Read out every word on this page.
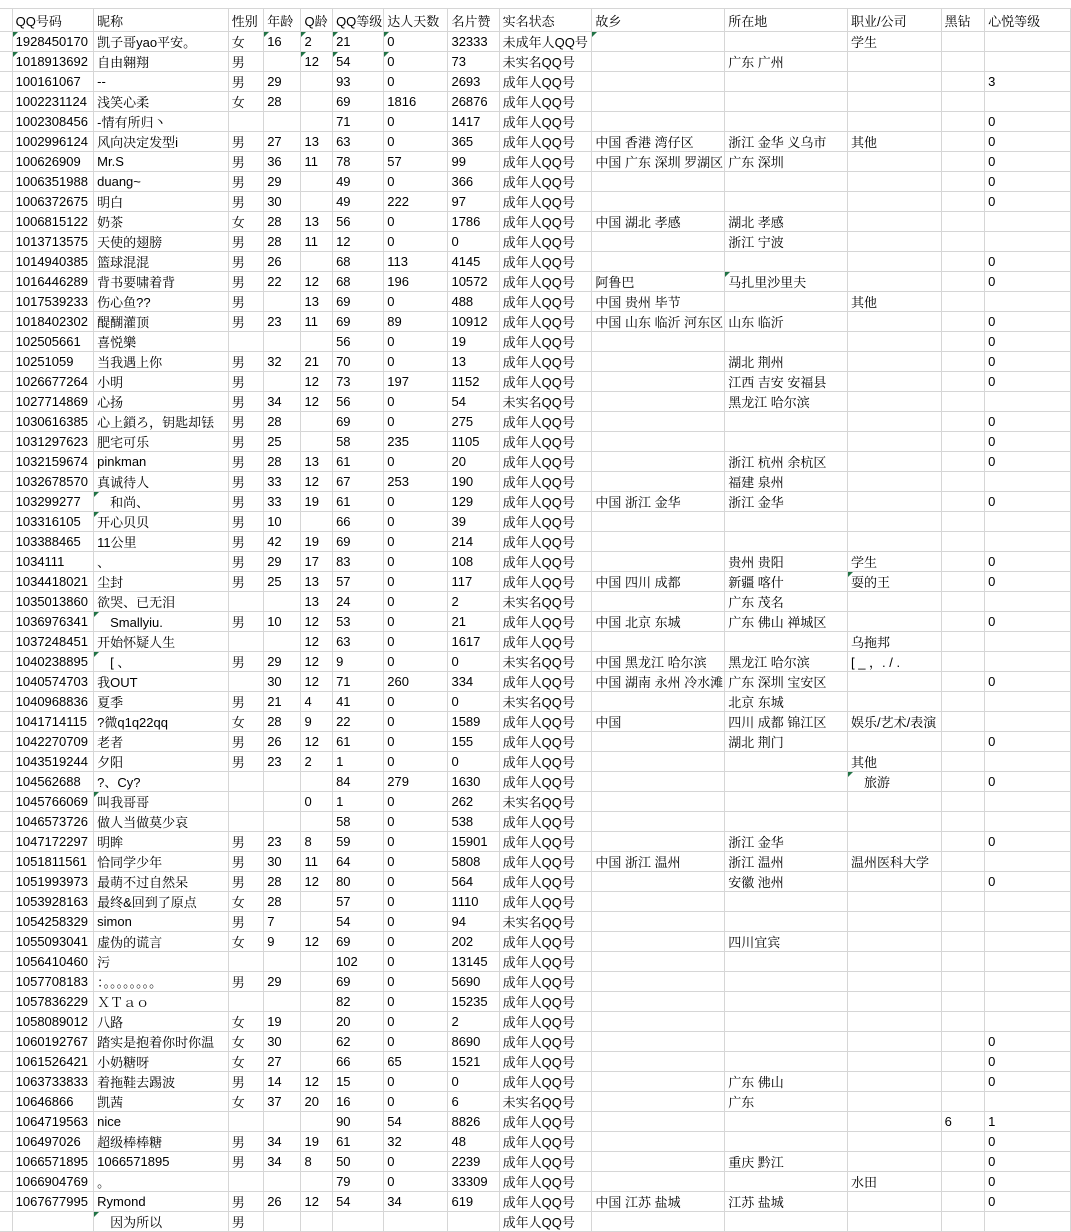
	QQ号码	昵称	性别	年龄	Q龄	QQ等级	达人天数	名片赞	实名状态	故乡	所在地	职业/公司	黑钻	心悦等级
	1928450170	凯子哥yao平安。	女	16	2	21	0	32333	未成年人QQ号			学生		
	1018913692	自由翱翔	男		12	54	0	73	未实名QQ号		广东 广州			
	100161067	--	男	29		93	0	2693	成年人QQ号					3
	1002231124	浅笑心柔	女	28		69	1816	26876	成年人QQ号					
	1002308456	-情有所归丶				71	0	1417	成年人QQ号					0
	1002996124	风向决定发型i	男	27	13	63	0	365	成年人QQ号	中国 香港 湾仔区	浙江 金华 义乌市	其他		0
	100626909	Mr.S	男	36	11	78	57	99	成年人QQ号	中国 广东 深圳 罗湖区	广东 深圳			0
	1006351988	duang~	男	29		49	0	366	成年人QQ号					0
	1006372675	明白	男	30		49	222	97	成年人QQ号					0
	1006815122	奶茶	女	28	13	56	0	1786	成年人QQ号	中国 湖北 孝感	湖北 孝感			
	1013713575	天使的翅膀	男	28	11	12	0	0	成年人QQ号		浙江 宁波			
	1014940385	篮球混混	男	26		68	113	4145	成年人QQ号					0
	1016446289	背书要啸着背	男	22	12	68	196	10572	成年人QQ号	阿鲁巴	马扎里沙里夫			0
	1017539233	伤心鱼??	男		13	69	0	488	成年人QQ号	中国 贵州 毕节		其他		
	1018402302	醍醐灌顶	男	23	11	69	89	10912	成年人QQ号	中国 山东 临沂 河东区	山东 临沂			0
	102505661	喜悦樂				56	0	19	成年人QQ号					0
	10251059	当我遇上你	男	32	21	70	0	13	成年人QQ号		湖北 荆州			0
	1026677264	小明	男		12	73	197	1152	成年人QQ号		江西 吉安 安福县			0
	1027714869	心扬	男	34	12	56	0	54	未实名QQ号		黑龙江 哈尔滨			
	1030616385	心上鎖ろ，钥匙却铥	男	28		69	0	275	成年人QQ号					0
	1031297623	肥宅可乐	男	25		58	235	1105	成年人QQ号					0
	1032159674	pinkman	男	28	13	61	0	20	成年人QQ号		浙江 杭州 余杭区			0
	1032678570	真诚待人	男	33	12	67	253	190	成年人QQ号		福建 泉州			
	103299277	　和尚、	男	33	19	61	0	129	成年人QQ号	中国 浙江 金华	浙江 金华			0
	103316105	开心贝贝	男	10		66	0	39	成年人QQ号					
	103388465	11公里	男	42	19	69	0	214	成年人QQ号					
	1034111	、	男	29	17	83	0	108	成年人QQ号		贵州 贵阳	学生		0
	1034418021	尘封	男	25	13	57	0	117	成年人QQ号	中国 四川 成都	新疆 喀什	耍的王		0
	1035013860	欲哭、已无泪			13	24	0	2	未实名QQ号		广东 茂名			
	1036976341	　Smallyiu.	男	10	12	53	0	21	成年人QQ号	中国 北京 东城	广东 佛山 禅城区			0
	1037248451	开始怀疑人生			12	63	0	1617	成年人QQ号			乌拖邦		
	1040238895	　[ 、	男	29	12	9	0	0	未实名QQ号	中国 黑龙江 哈尔滨	黑龙江 哈尔滨	[ _ ，. / .		
	1040574703	我OUT		30	12	71	260	334	成年人QQ号	中国 湖南 永州 冷水滩	广东 深圳 宝安区			0
	1040968836	夏季	男	21	4	41	0	0	未实名QQ号		北京 东城			
	1041714115	?微q1q22qq	女	28	9	22	0	1589	成年人QQ号	中国	四川 成都 锦江区	娱乐/艺术/表演		
	1042270709	老者	男	26	12	61	0	155	成年人QQ号		湖北 荆门			0
	1043519244	夕阳	男	23	2	1	0	0	成年人QQ号			其他		
	104562688	?、Cy?				84	279	1630	成年人QQ号			　旅游		0
	1045766069	叫我哥哥			0	1	0	262	未实名QQ号					
	1046573726	做人当做莫少哀				58	0	538	成年人QQ号					
	1047172297	明眸	男	23	8	59	0	15901	成年人QQ号		浙江 金华			0
	1051811561	恰同学少年	男	30	11	64	0	5808	成年人QQ号	中国 浙江 温州	浙江 温州	温州医科大学		
	1051993973	最萌不过自然呆	男	28	12	80	0	564	成年人QQ号		安徽 池州			0
	1053928163	最终&回到了原点	女	28		57	0	1110	成年人QQ号					
	1054258329	simon	男	7		54	0	94	未实名QQ号					
	1055093041	虚伪的谎言	女	9	12	69	0	202	成年人QQ号		四川宜宾			
	1056410460	污				102	0	13145	成年人QQ号					
	1057708183	：。。。。。。。。	男	29		69	0	5690	成年人QQ号					
	1057836229	ＸＴａｏ				82	0	15235	成年人QQ号					
	1058089012	八路	女	19		20	0	2	成年人QQ号					
	1060192767	踏实是抱着你时你温	女	30		62	0	8690	成年人QQ号					0
	1061526421	小奶糖呀	女	27		66	65	1521	成年人QQ号					0
	1063733833	着拖鞋去踢波	男	14	12	15	0	0	成年人QQ号		广东 佛山			0
	10646866	凯茜	女	37	20	16	0	6	未实名QQ号		广东			
	1064719563	nice				90	54	8826	成年人QQ号				6	1
	106497026	超级棒棒糖	男	34	19	61	32	48	成年人QQ号					0
	1066571895	1066571895	男	34	8	50	0	2239	成年人QQ号		重庆 黔江			0
	1066904769	。				79	0	33309	成年人QQ号			水田		0
	1067677995	Rymond	男	26	12	54	34	619	成年人QQ号	中国 江苏 盐城	江苏 盐城			0
		　因为所以	男						成年人QQ号					
